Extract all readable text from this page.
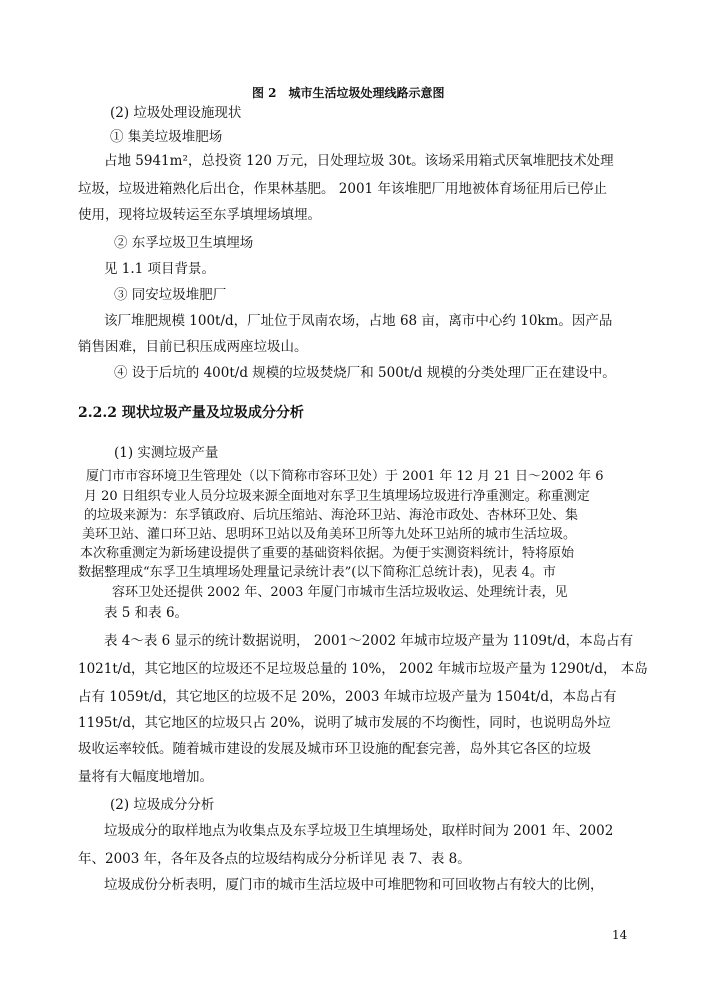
图 2　城市生活垃圾处理线路示意图
(2) 垃圾处理设施现状
① 集美垃圾堆肥场
占地 5941m²，总投资 120 万元，日处理垃圾 30t。该场采用箱式厌氧堆肥技术处理
垃圾，垃圾进箱熟化后出仓，作果林基肥。 2001 年该堆肥厂用地被体育场征用后已停止
使用，现将垃圾转运至东孚填埋场填埋。
② 东孚垃圾卫生填埋场
见 1.1 项目背景。
③ 同安垃圾堆肥厂
该厂堆肥规模 100t/d，厂址位于凤南农场，占地 68 亩，离市中心约 10km。因产品
销售困难，目前已积压成两座垃圾山。
④ 设于后坑的 400t/d 规模的垃圾焚烧厂和 500t/d 规模的分类处理厂正在建设中。
2.2.2 现状垃圾产量及垃圾成分分析
(1) 实测垃圾产量
厦门市市容环境卫生管理处（以下简称市容环卫处）于 2001 年 12 月 21 日～2002 年 6
月 20 日组织专业人员分垃圾来源全面地对东孚卫生填埋场垃圾进行净重测定。称重测定
的垃圾来源为：东孚镇政府、后坑压缩站、海沧环卫站、海沧市政处、杏林环卫处、集
美环卫站、灌口环卫站、思明环卫站以及角美环卫所等九处环卫站所的城市生活垃圾。
本次称重测定为新场建设提供了重要的基础资料依据。为便于实测资料统计，特将原始
数据整理成“东孚卫生填埋场处理量记录统计表”(以下简称汇总统计表)，见表 4。市
容环卫处还提供 2002 年、2003 年厦门市城市生活垃圾收运、处理统计表，见
表 5 和表 6。
表 4～表 6 显示的统计数据说明， 2001～2002 年城市垃圾产量为 1109t/d，本岛占有
1021t/d，其它地区的垃圾还不足垃圾总量的 10%， 2002 年城市垃圾产量为 1290t/d， 本岛
占有 1059t/d，其它地区的垃圾不足 20%，2003 年城市垃圾产量为 1504t/d，本岛占有
1195t/d，其它地区的垃圾只占 20%，说明了城市发展的不均衡性，同时，也说明岛外垃
圾收运率较低。随着城市建设的发展及城市环卫设施的配套完善，岛外其它各区的垃圾
量将有大幅度地增加。
(2) 垃圾成分分析
垃圾成分的取样地点为收集点及东孚垃圾卫生填埋场处，取样时间为 2001 年、2002
年、2003 年，各年及各点的垃圾结构成分分析详见 表 7、表 8。
垃圾成份分析表明，厦门市的城市生活垃圾中可堆肥物和可回收物占有较大的比例，
14
